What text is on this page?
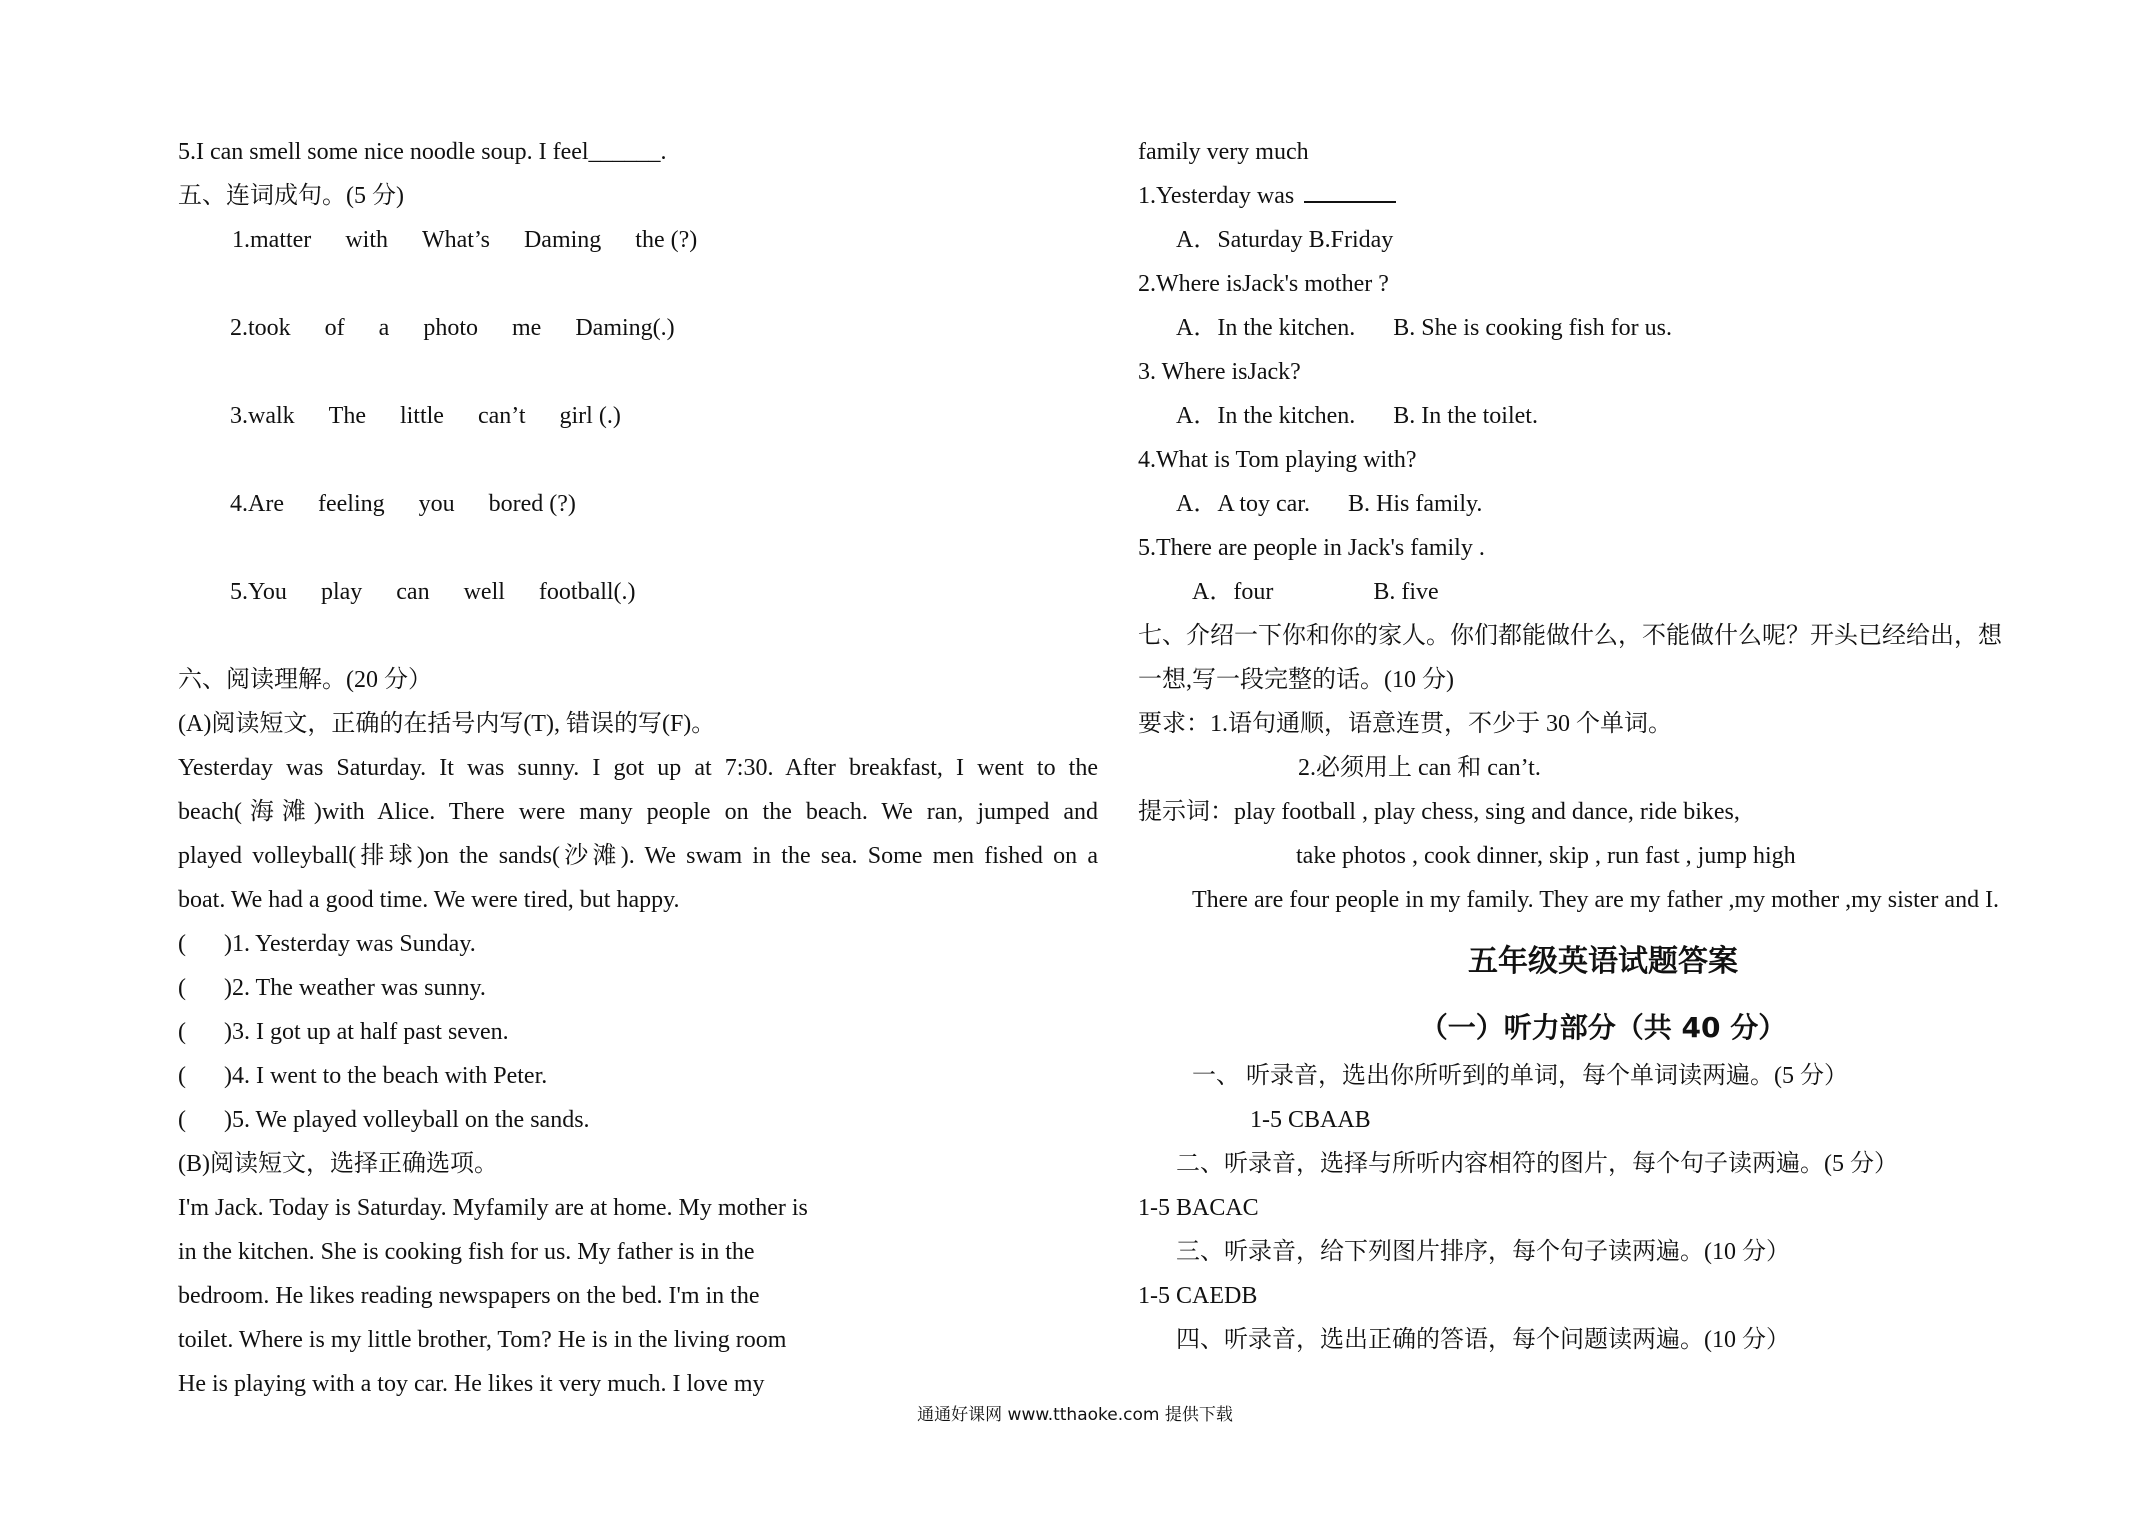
5.I can smell some nice noodle soup. I feel______.
五、连词成句。(5 分)
1.matter with What’s Daming the (?)
2.took of a photo me Daming(.)
3.walk The little can’t girl (.)
4.Are feeling you bored (?)
5.You play can well football(.)
六、阅读理解。(20 分）
(A)阅读短文，正确的在括号内写(T), 错误的写(F)。
Yesterday was Saturday. It was sunny. I got up at 7:30. After breakfast, I went to the
beach(海滩)with Alice. There were many people on the beach. We ran, jumped and
played volleyball(排球)on the sands(沙滩). We swam in the sea. Some men fished on a
boat. We had a good time. We were tired, but happy.
( )1. Yesterday was Sunday.
( )2. The weather was sunny.
( )3. I got up at half past seven.
( )4. I went to the beach with Peter.
( )5. We played volleyball on the sands.
(B)阅读短文，选择正确选项。
I'm Jack. Today is Saturday. Myfamily are at home. My mother is
in the kitchen. She is cooking fish for us. My father is in the
bedroom. He likes reading newspapers on the bed. I'm in the
toilet. Where is my little brother, Tom? He is in the living room
He is playing with a toy car. He likes it very much. I love my
family very much
1.Yesterday was
A．Saturday B.Friday
2.Where isJack's mother ?
A．In the kitchen. B. She is cooking fish for us.
3. Where isJack?
A．In the kitchen. B. In the toilet.
4.What is Tom playing with?
A．A toy car. B. His family.
5.There are people in Jack's family .
A．four	B. five
七、介绍一下你和你的家人。你们都能做什么，不能做什么呢？开头已经给出，想
一想,写一段完整的话。(10 分)
要求：1.语句通顺，语意连贯，不少于 30 个单词。
2.必须用上 can 和 can’t.
提示词：play football , play chess, sing and dance, ride bikes,
take photos , cook dinner, skip , run fast , jump high
There are four people in my family. They are my father ,my mother ,my sister and I.
五年级英语试题答案
（一）听力部分（共 40 分）
一、 听录音，选出你所听到的单词，每个单词读两遍。(5 分）
1-5 CBAAB
二、听录音，选择与所听内容相符的图片，每个句子读两遍。(5 分）
1-5 BACAC
三、听录音，给下列图片排序，每个句子读两遍。(10 分）
1-5 CAEDB
四、听录音，选出正确的答语，每个问题读两遍。(10 分）
通通好课网 www.tthaoke.com 提供下载
